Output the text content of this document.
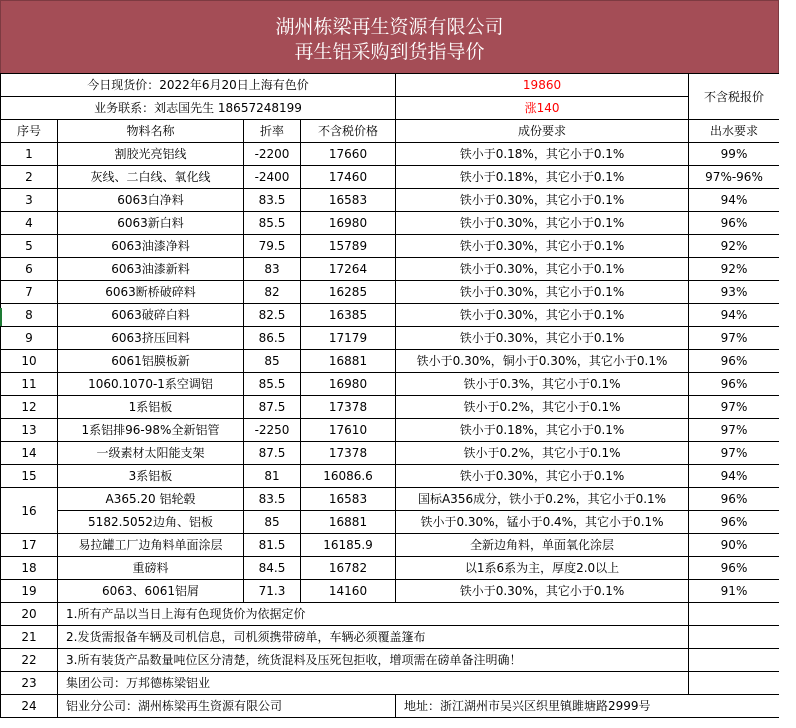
湖州栋梁再生资源有限公司
再生铝采购到货指导价
今日现货价：2022年6月20日上海有色价				19860	不含税报价
业务联系：刘志国先生 18657248199				涨140	
序号	物料名称	折率	不含税价格	成份要求	出水要求
1	割胶光亮铝线	-2200	17660	铁小于0.18%，其它小于0.1%	99%
2	灰线、二白线、氧化线	-2400	17460	铁小于0.18%，其它小于0.1%	97%-96%
3	6063白净料	83.5	16583	铁小于0.30%，其它小于0.1%	94%
4	6063新白料	85.5	16980	铁小于0.30%，其它小于0.1%	96%
5	6063油漆净料	79.5	15789	铁小于0.30%，其它小于0.1%	92%
6	6063油漆新料	83	17264	铁小于0.30%，其它小于0.1%	92%
7	6063断桥破碎料	82	16285	铁小于0.30%，其它小于0.1%	93%
8	6063破碎白料	82.5	16385	铁小于0.30%，其它小于0.1%	94%
9	6063挤压回料	86.5	17179	铁小于0.30%，其它小于0.1%	97%
10	6061铝膜板新	85	16881	铁小于0.30%，铜小于0.30%，其它小于0.1%	96%
11	1060.1070-1系空调铝	85.5	16980	铁小于0.3%，其它小于0.1%	96%
12	1系铝板	87.5	17378	铁小于0.2%，其它小于0.1%	97%
13	1系铝排96-98%全新铝管	-2250	17610	铁小于0.18%，其它小于0.1%	97%
14	一级素材太阳能支架	87.5	17378	铁小于0.2%，其它小于0.1%	97%
15	3系铝板	81	16086.6	铁小于0.30%，其它小于0.1%	94%
16	A365.20 铝轮毂	83.5	16583	国标A356成分，铁小于0.2%，其它小于0.1%	96%
	5182.5052边角、铝板	85	16881	铁小于0.30%，锰小于0.4%，其它小于0.1%	96%
17	易拉罐工厂边角料单面涂层	81.5	16185.9	全新边角料，单面氧化涂层	90%
18	重磅料	84.5	16782	以1系6系为主，厚度2.0以上	96%
19	6063、6061铝屑	71.3	14160	铁小于0.30%，其它小于0.1%	91%
20	1.所有产品以当日上海有色现货价为依据定价				
21	2.发货需报备车辆及司机信息，司机须携带磅单，车辆必须覆盖篷布				
22	3.所有装货产品数量吨位区分清楚，统货混料及压死包拒收，增项需在磅单备注明确！				
23	集团公司：万邦德栋梁铝业				
24	铝业分公司：湖州栋梁再生资源有限公司			地址：浙江湖州市吴兴区织里镇雎塘路2999号	
